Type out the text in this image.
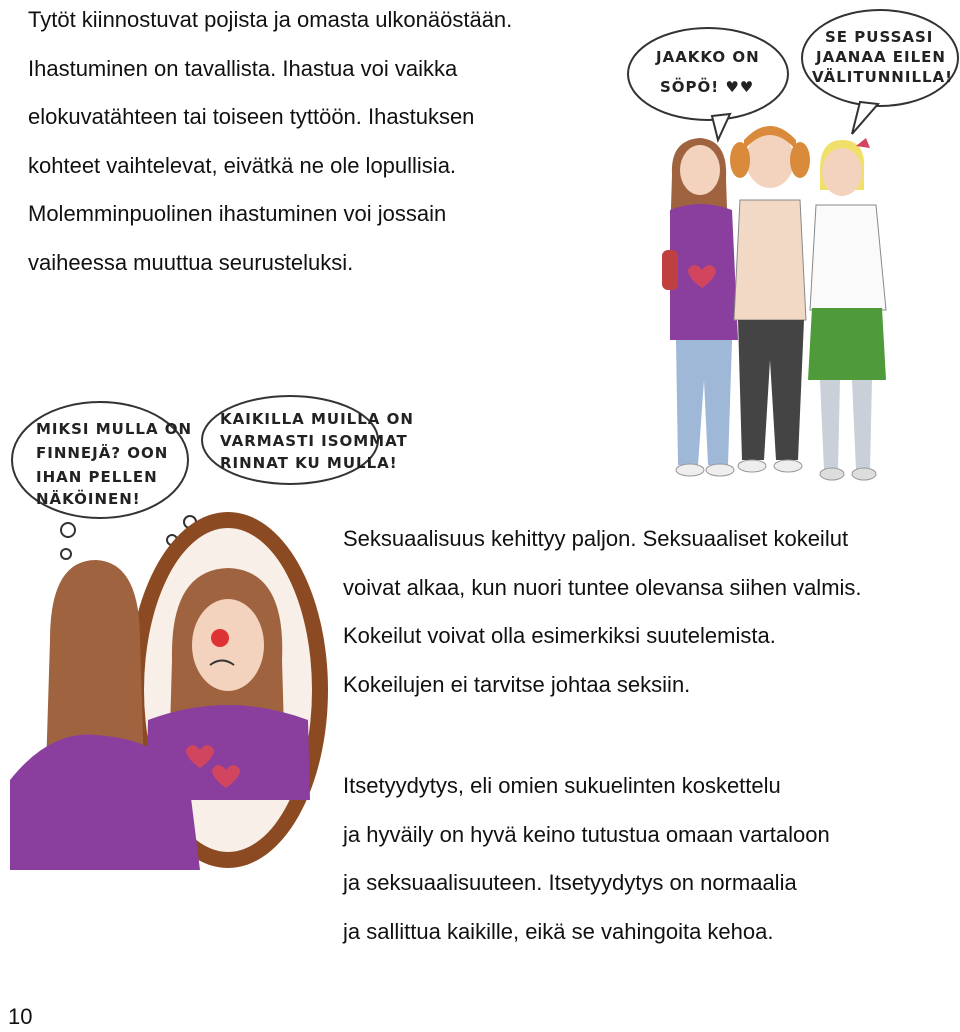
Tytöt kiinnostuvat pojista ja omasta ulkonäöstään.
Ihastuminen on tavallista. Ihastua voi vaikka
elokuvatähteen tai toiseen tyttöön. Ihastuksen
kohteet vaihtelevat, eivätkä ne ole lopullisia.
Molemminpuolinen ihastuminen voi jossain
vaiheessa muuttua seurusteluksi.
Seksuaalisuus kehittyy paljon. Seksuaaliset kokeilut
voivat alkaa, kun nuori tuntee olevansa siihen valmis.
Kokeilut voivat olla esimerkiksi suutelemista.
Kokeilujen ei tarvitse johtaa seksiin.
Itsetyydytys, eli omien sukuelinten koskettelu
ja hyväily on hyvä keino tutustua omaan vartaloon
ja seksuaalisuuteen. Itsetyydytys on normaalia
ja sallittua kaikille, eikä se vahingoita kehoa.
10
JAAKKO ON
SÖPÖ! ♥♥
SE PUSSASI
JAANAA EILEN
VÄLITUNNILLA!
MIKSI MULLA ON
FINNEJÄ? OON
IHAN PELLEN
NÄKÖINEN!
KAIKILLA MUILLA ON
VARMASTI ISOMMAT
RINNAT KU MULLA!
